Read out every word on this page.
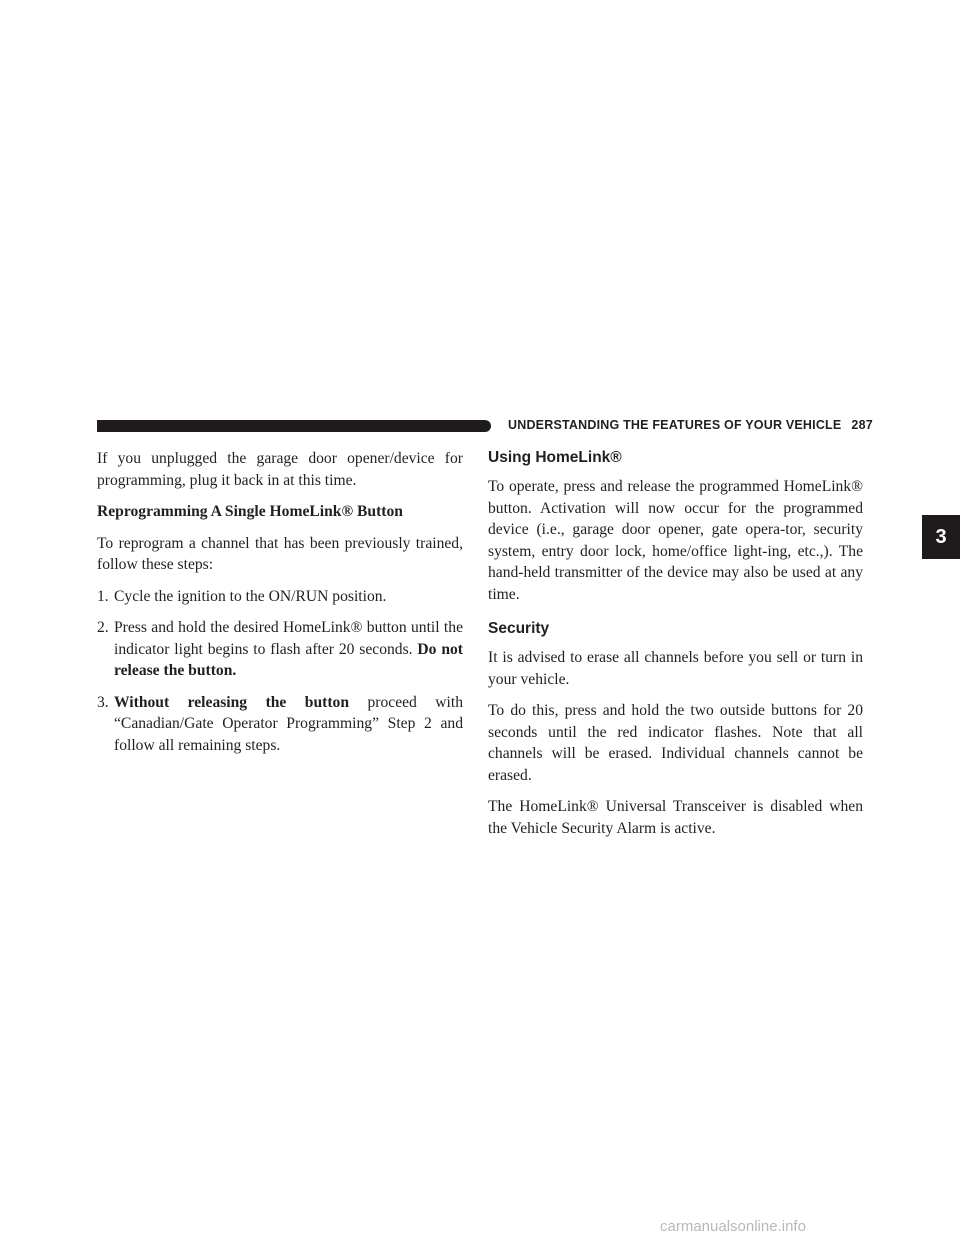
UNDERSTANDING THE FEATURES OF YOUR VEHICLE 287

If you unplugged the garage door opener/device for programming, plug it back in at this time.

Reprogramming A Single HomeLink® Button

To reprogram a channel that has been previously trained, follow these steps:

1. Cycle the ignition to the ON/RUN position.
2. Press and hold the desired HomeLink® button until the indicator light begins to flash after 20 seconds. Do not release the button.
3. Without releasing the button proceed with “Canadian/Gate Operator Programming” Step 2 and follow all remaining steps.
Using HomeLink®

To operate, press and release the programmed HomeLink® button. Activation will now occur for the programmed device (i.e., garage door opener, gate opera-tor, security system, entry door lock, home/office light-ing, etc.,). The hand-held transmitter of the device may also be used at any time.

Security

It is advised to erase all channels before you sell or turn in your vehicle.

To do this, press and hold the two outside buttons for 20 seconds until the red indicator flashes. Note that all channels will be erased. Individual channels cannot be erased.

The HomeLink® Universal Transceiver is disabled when the Vehicle Security Alarm is active.

3
carmanualsonline.info
